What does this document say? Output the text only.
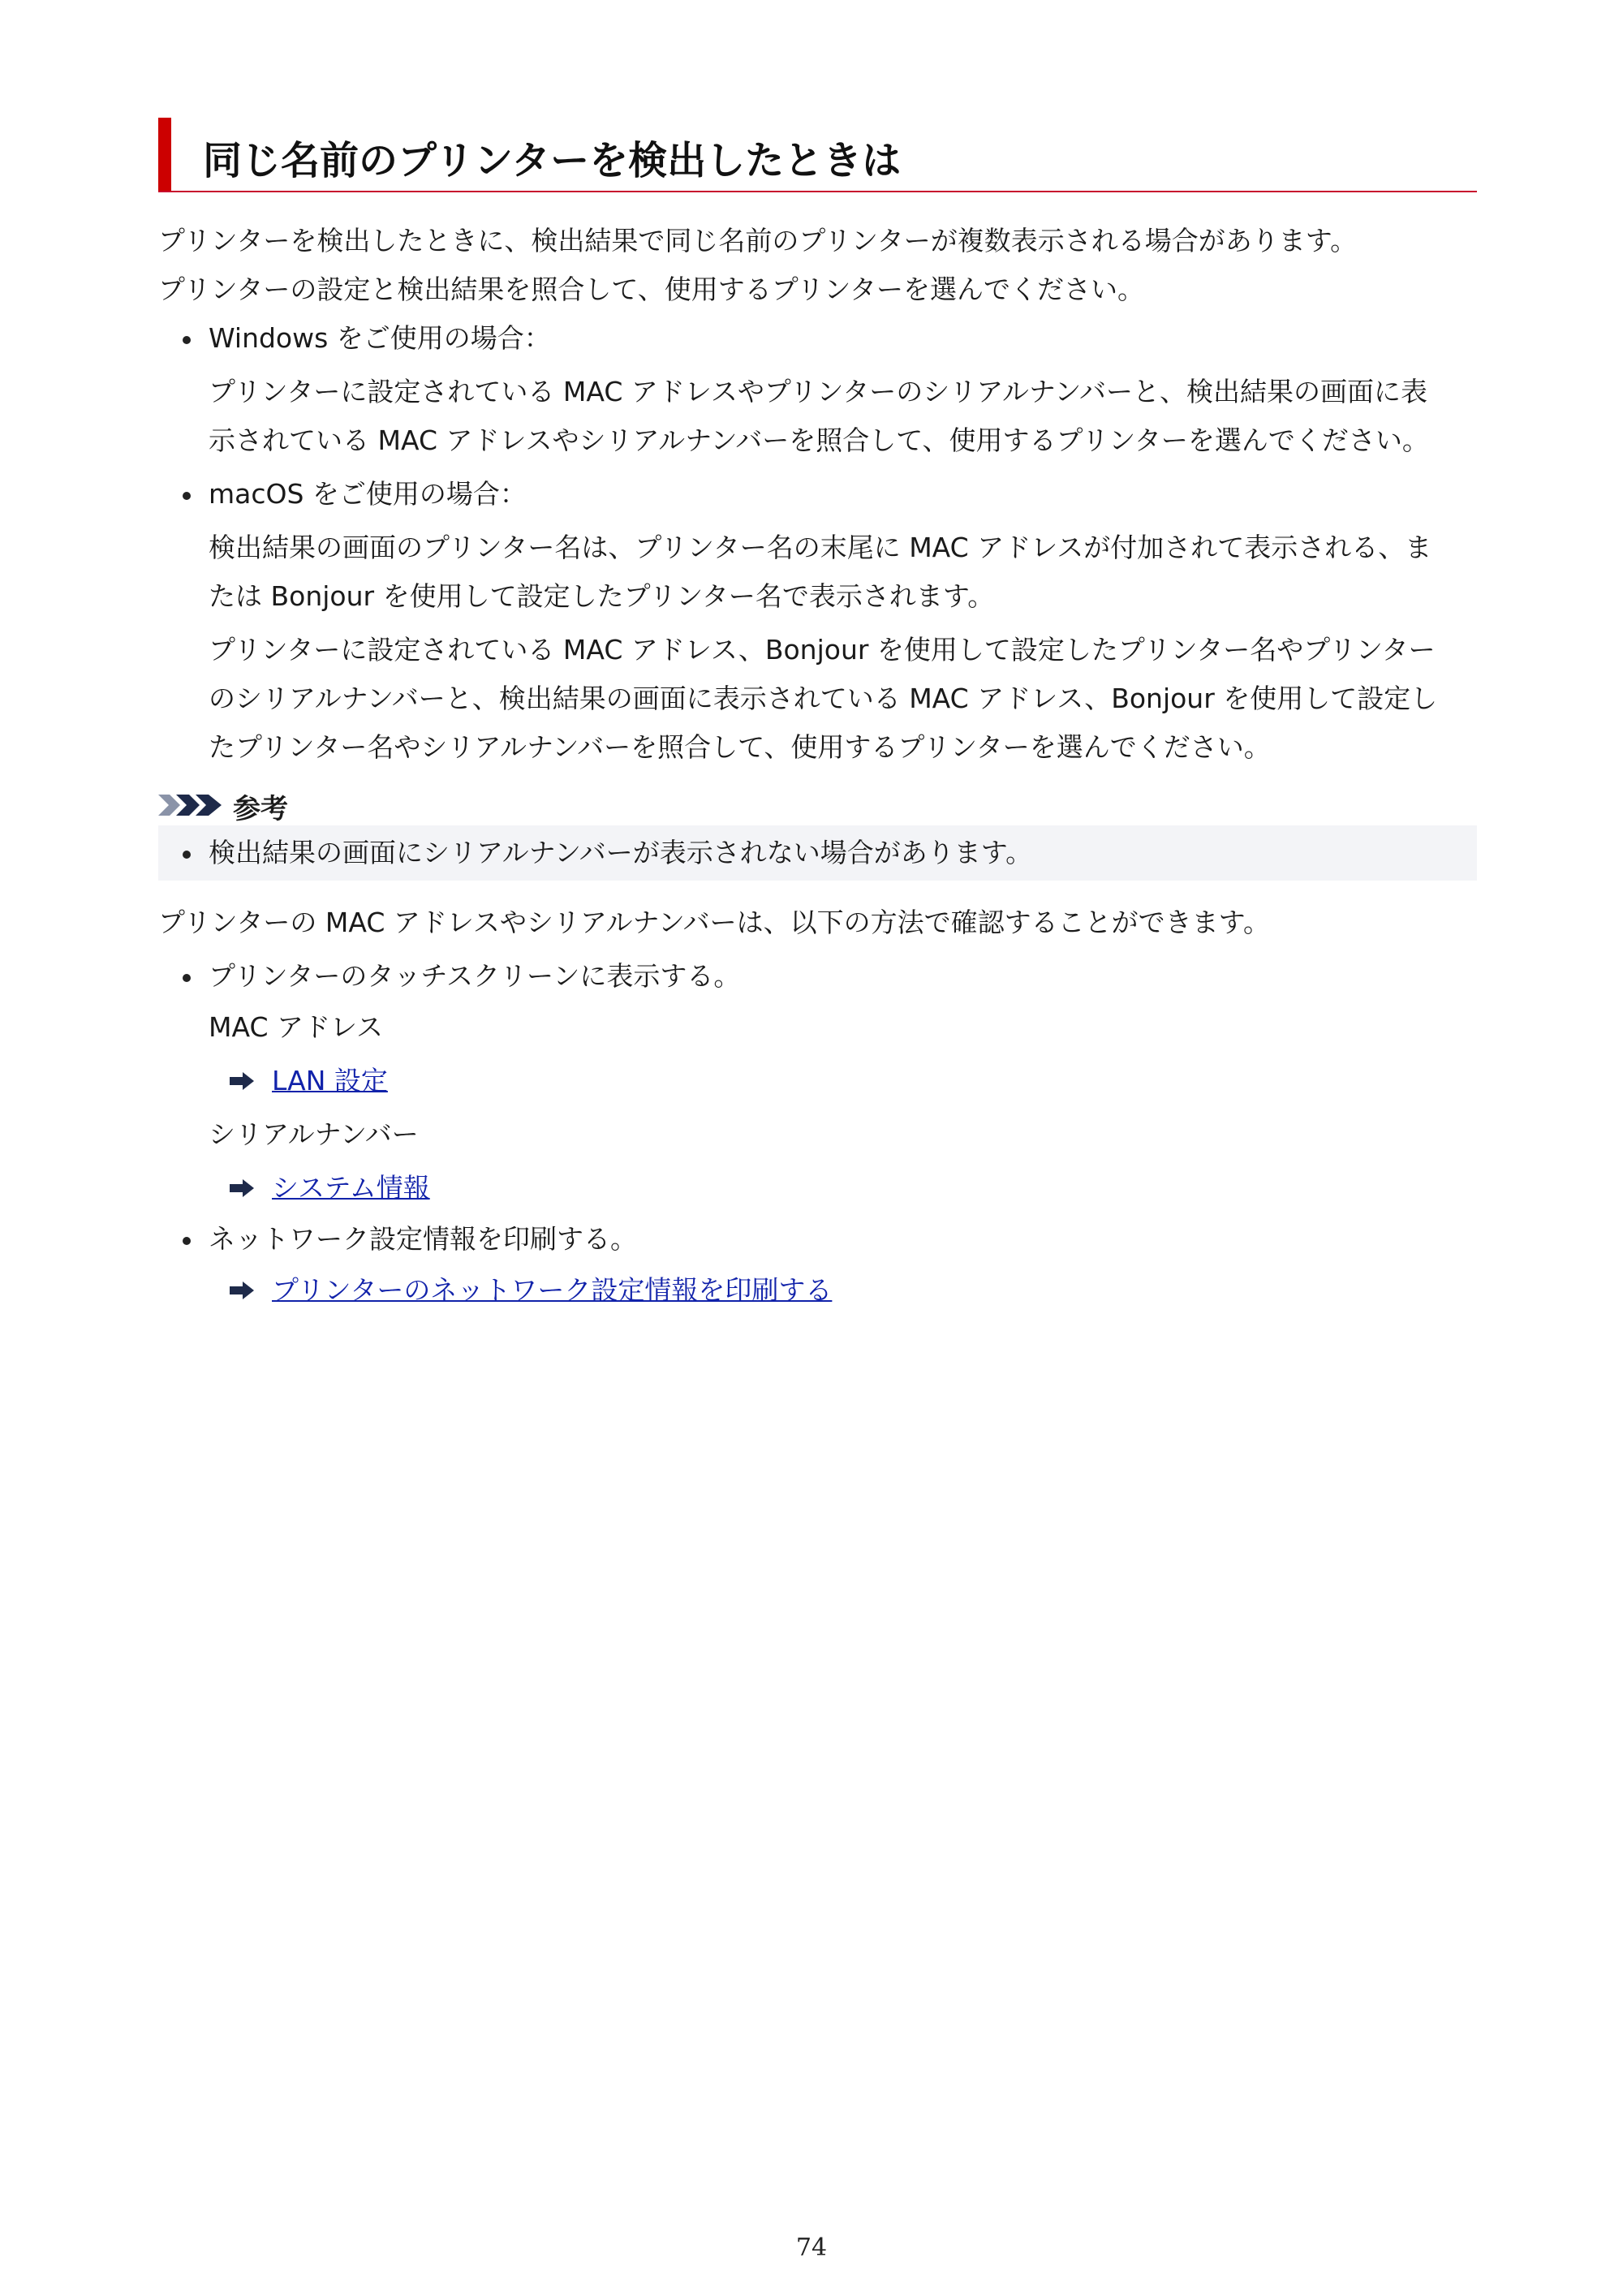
同じ名前のプリンターを検出したときは

プリンターを検出したときに、検出結果で同じ名前のプリンターが複数表示される場合があります。

プリンターの設定と検出結果を照合して、使用するプリンターを選んでください。

Windows をご使用の場合：
プリンターに設定されている MAC アドレスやプリンターのシリアルナンバーと、検出結果の画面に表
示されている MAC アドレスやシリアルナンバーを照合して、使用するプリンターを選んでください。
macOS をご使用の場合：
検出結果の画面のプリンター名は、プリンター名の末尾に MAC アドレスが付加されて表示される、ま
たは Bonjour を使用して設定したプリンター名で表示されます。
プリンターに設定されている MAC アドレス、Bonjour を使用して設定したプリンター名やプリンター
のシリアルナンバーと、検出結果の画面に表示されている MAC アドレス、Bonjour を使用して設定し
たプリンター名やシリアルナンバーを照合して、使用するプリンターを選んでください。
参考
検出結果の画面にシリアルナンバーが表示されない場合があります。

プリンターの MAC アドレスやシリアルナンバーは、以下の方法で確認することができます。

プリンターのタッチスクリーンに表示する。
MAC アドレス
LAN 設定
シリアルナンバー
システム情報
ネットワーク設定情報を印刷する。
プリンターのネットワーク設定情報を印刷する
74
